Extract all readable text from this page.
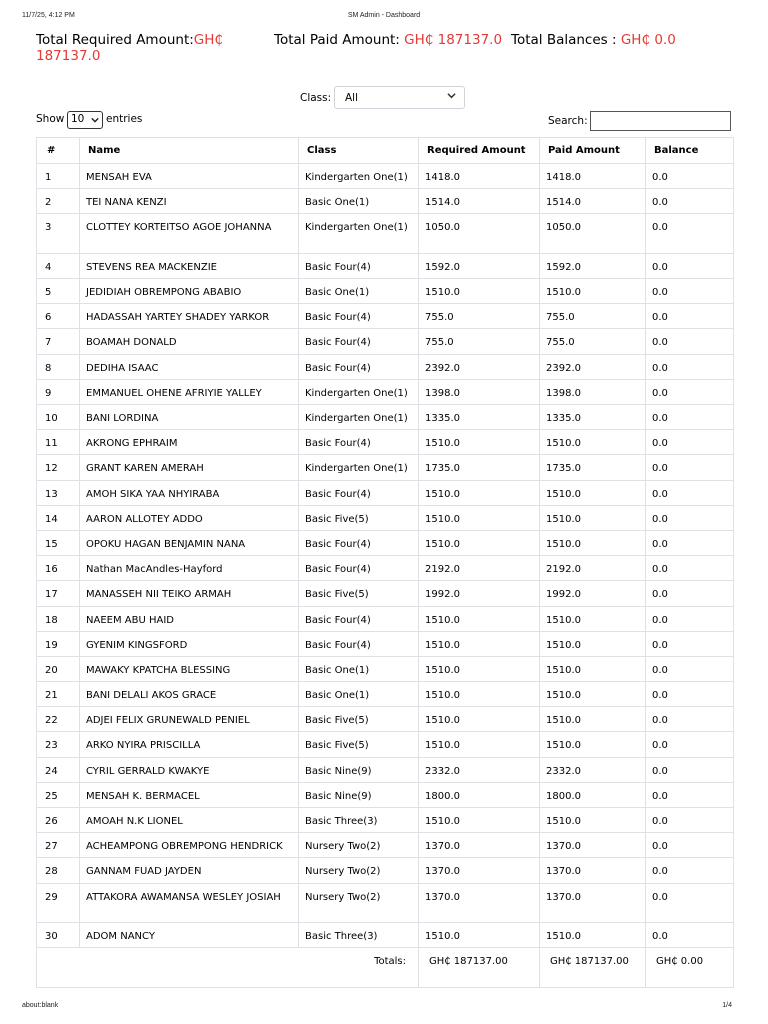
11/7/25, 4:12 PM	SM Admin - Dashboard
Total Required Amount:GH₵ 187137.0
Total Paid Amount: GH₵ 187137.0 Total Balances : GH₵ 0.0
Class: All
Show 10 entries	Search:
#	Name	Class	Required Amount	Paid Amount	Balance
1	MENSAH EVA	Kindergarten One(1)	1418.0	1418.0	0.0
2	TEI NANA KENZI	Basic One(1)	1514.0	1514.0	0.0
3	CLOTTEY KORTEITSO AGOE JOHANNA	Kindergarten One(1)	1050.0	1050.0	0.0
4	STEVENS REA MACKENZIE	Basic Four(4)	1592.0	1592.0	0.0
5	JEDIDIAH OBREMPONG ABABIO	Basic One(1)	1510.0	1510.0	0.0
6	HADASSAH YARTEY SHADEY YARKOR	Basic Four(4)	755.0	755.0	0.0
7	BOAMAH DONALD	Basic Four(4)	755.0	755.0	0.0
8	DEDIHA ISAAC	Basic Four(4)	2392.0	2392.0	0.0
9	EMMANUEL OHENE AFRIYIE YALLEY	Kindergarten One(1)	1398.0	1398.0	0.0
10	BANI LORDINA	Kindergarten One(1)	1335.0	1335.0	0.0
11	AKRONG EPHRAIM	Basic Four(4)	1510.0	1510.0	0.0
12	GRANT KAREN AMERAH	Kindergarten One(1)	1735.0	1735.0	0.0
13	AMOH SIKA YAA NHYIRABA	Basic Four(4)	1510.0	1510.0	0.0
14	AARON ALLOTEY ADDO	Basic Five(5)	1510.0	1510.0	0.0
15	OPOKU HAGAN BENJAMIN NANA	Basic Four(4)	1510.0	1510.0	0.0
16	Nathan MacAndles-Hayford	Basic Four(4)	2192.0	2192.0	0.0
17	MANASSEH NII TEIKO ARMAH	Basic Five(5)	1992.0	1992.0	0.0
18	NAEEM ABU HAID	Basic Four(4)	1510.0	1510.0	0.0
19	GYENIM KINGSFORD	Basic Four(4)	1510.0	1510.0	0.0
20	MAWAKY KPATCHA BLESSING	Basic One(1)	1510.0	1510.0	0.0
21	BANI DELALI AKOS GRACE	Basic One(1)	1510.0	1510.0	0.0
22	ADJEI FELIX GRUNEWALD PENIEL	Basic Five(5)	1510.0	1510.0	0.0
23	ARKO NYIRA PRISCILLA	Basic Five(5)	1510.0	1510.0	0.0
24	CYRIL GERRALD KWAKYE	Basic Nine(9)	2332.0	2332.0	0.0
25	MENSAH K. BERMACEL	Basic Nine(9)	1800.0	1800.0	0.0
26	AMOAH N.K LIONEL	Basic Three(3)	1510.0	1510.0	0.0
27	ACHEAMPONG OBREMPONG HENDRICK	Nursery Two(2)	1370.0	1370.0	0.0
28	GANNAM FUAD JAYDEN	Nursery Two(2)	1370.0	1370.0	0.0
29	ATTAKORA AWAMANSA WESLEY JOSIAH	Nursery Two(2)	1370.0	1370.0	0.0
30	ADOM NANCY	Basic Three(3)	1510.0	1510.0	0.0
		Totals:	GH₵ 187137.00	GH₵ 187137.00	GH₵ 0.00
about:blank	1/4
